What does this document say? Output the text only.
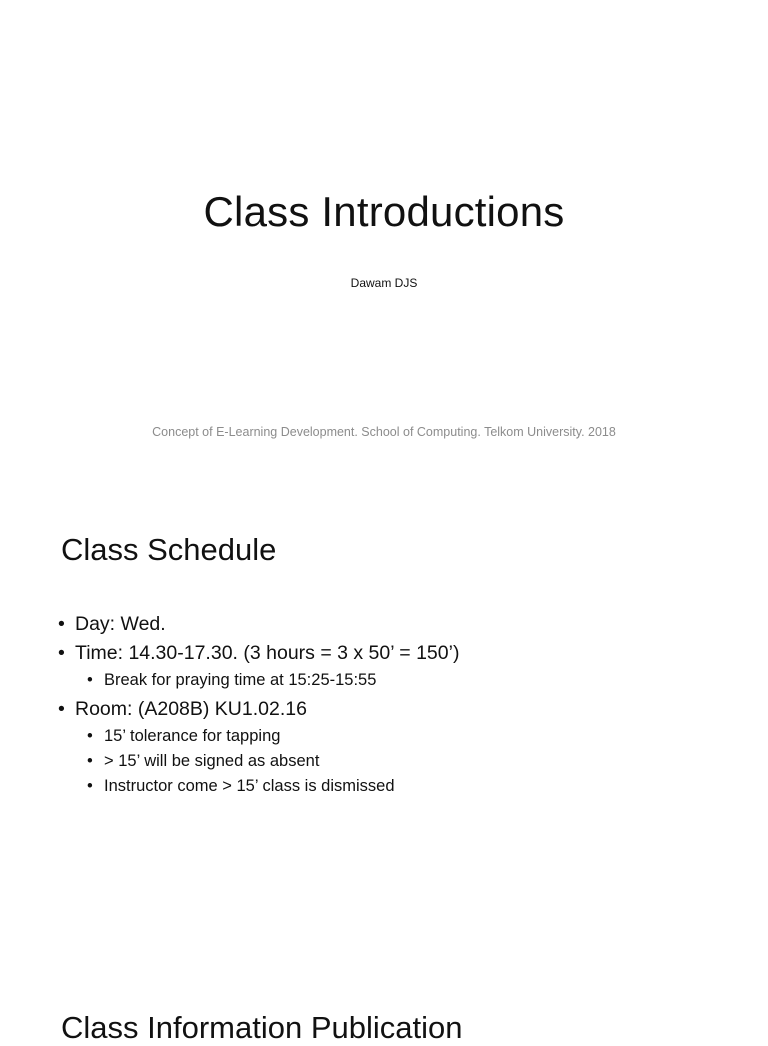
Class Introductions
Dawam DJS
Concept of E-Learning Development. School of Computing. Telkom University. 2018
Class Schedule
• Day: Wed.
• Time: 14.30-17.30. (3 hours = 3 x 50’ = 150’)
• Break for praying time at 15:25-15:55
• Room: (A208B) KU1.02.16
• 15’ tolerance for tapping
• > 15’ will be signed as absent
• Instructor come > 15’ class is dismissed
Class Information Publication
